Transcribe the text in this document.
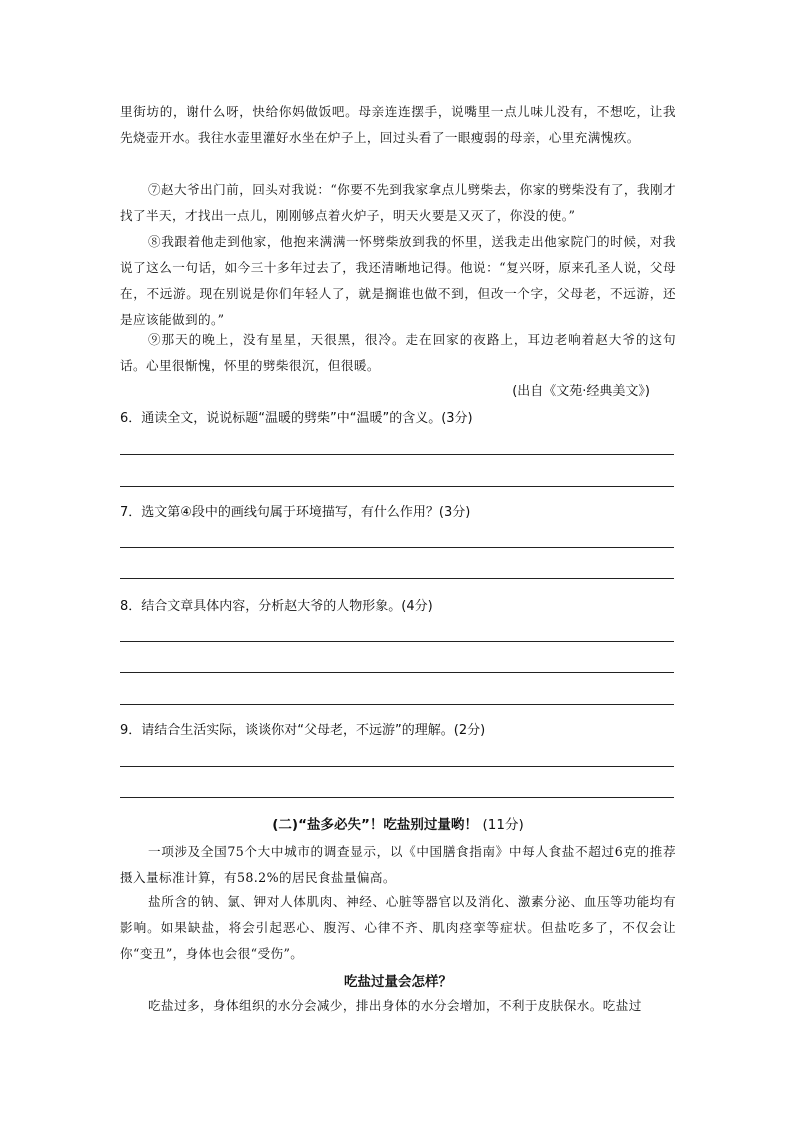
里街坊的，谢什么呀，快给你妈做饭吧。母亲连连摆手，说嘴里一点儿味儿没有，不想吃，让我先烧壶开水。我往水壶里灌好水坐在炉子上，回过头看了一眼瘦弱的母亲，心里充满愧疚。

⑦赵大爷出门前，回头对我说：“你要不先到我家拿点儿劈柴去，你家的劈柴没有了，我刚才找了半天，才找出一点儿，刚刚够点着火炉子，明天火要是又灭了，你没的使。”

⑧我跟着他走到他家，他抱来满满一怀劈柴放到我的怀里，送我走出他家院门的时候，对我说了这么一句话，如今三十多年过去了，我还清晰地记得。他说：“复兴呀，原来孔圣人说，父母在，不远游。现在别说是你们年轻人了，就是搁谁也做不到，但改一个字，父母老，不远游，还是应该能做到的。”

⑨那天的晚上，没有星星，天很黑，很冷。走在回家的夜路上，耳边老响着赵大爷的这句话。心里很惭愧，怀里的劈柴很沉，但很暖。

(出自《文苑·经典美文》)
6．通读全文，说说标题“温暖的劈柴”中“温暖”的含义。(3分)
7．选文第④段中的画线句属于环境描写，有什么作用？(3分)
8．结合文章具体内容，分析赵大爷的人物形象。(4分)
9．请结合生活实际，谈谈你对“父母老，不远游”的理解。(2分)
(二)“盐多必失”！吃盐别过量哟！ (11分)

一项涉及全国75个大中城市的调查显示，以《中国膳食指南》中每人食盐不超过6克的推荐摄入量标准计算，有58.2%的居民食盐量偏高。

盐所含的钠、氯、钾对人体肌肉、神经、心脏等器官以及消化、激素分泌、血压等功能均有影响。如果缺盐，将会引起恶心、腹泻、心律不齐、肌肉痉挛等症状。但盐吃多了，不仅会让你“变丑”，身体也会很“受伤”。

吃盐过量会怎样？

吃盐过多，身体组织的水分会减少，排出身体的水分会增加，不利于皮肤保水。吃盐过
